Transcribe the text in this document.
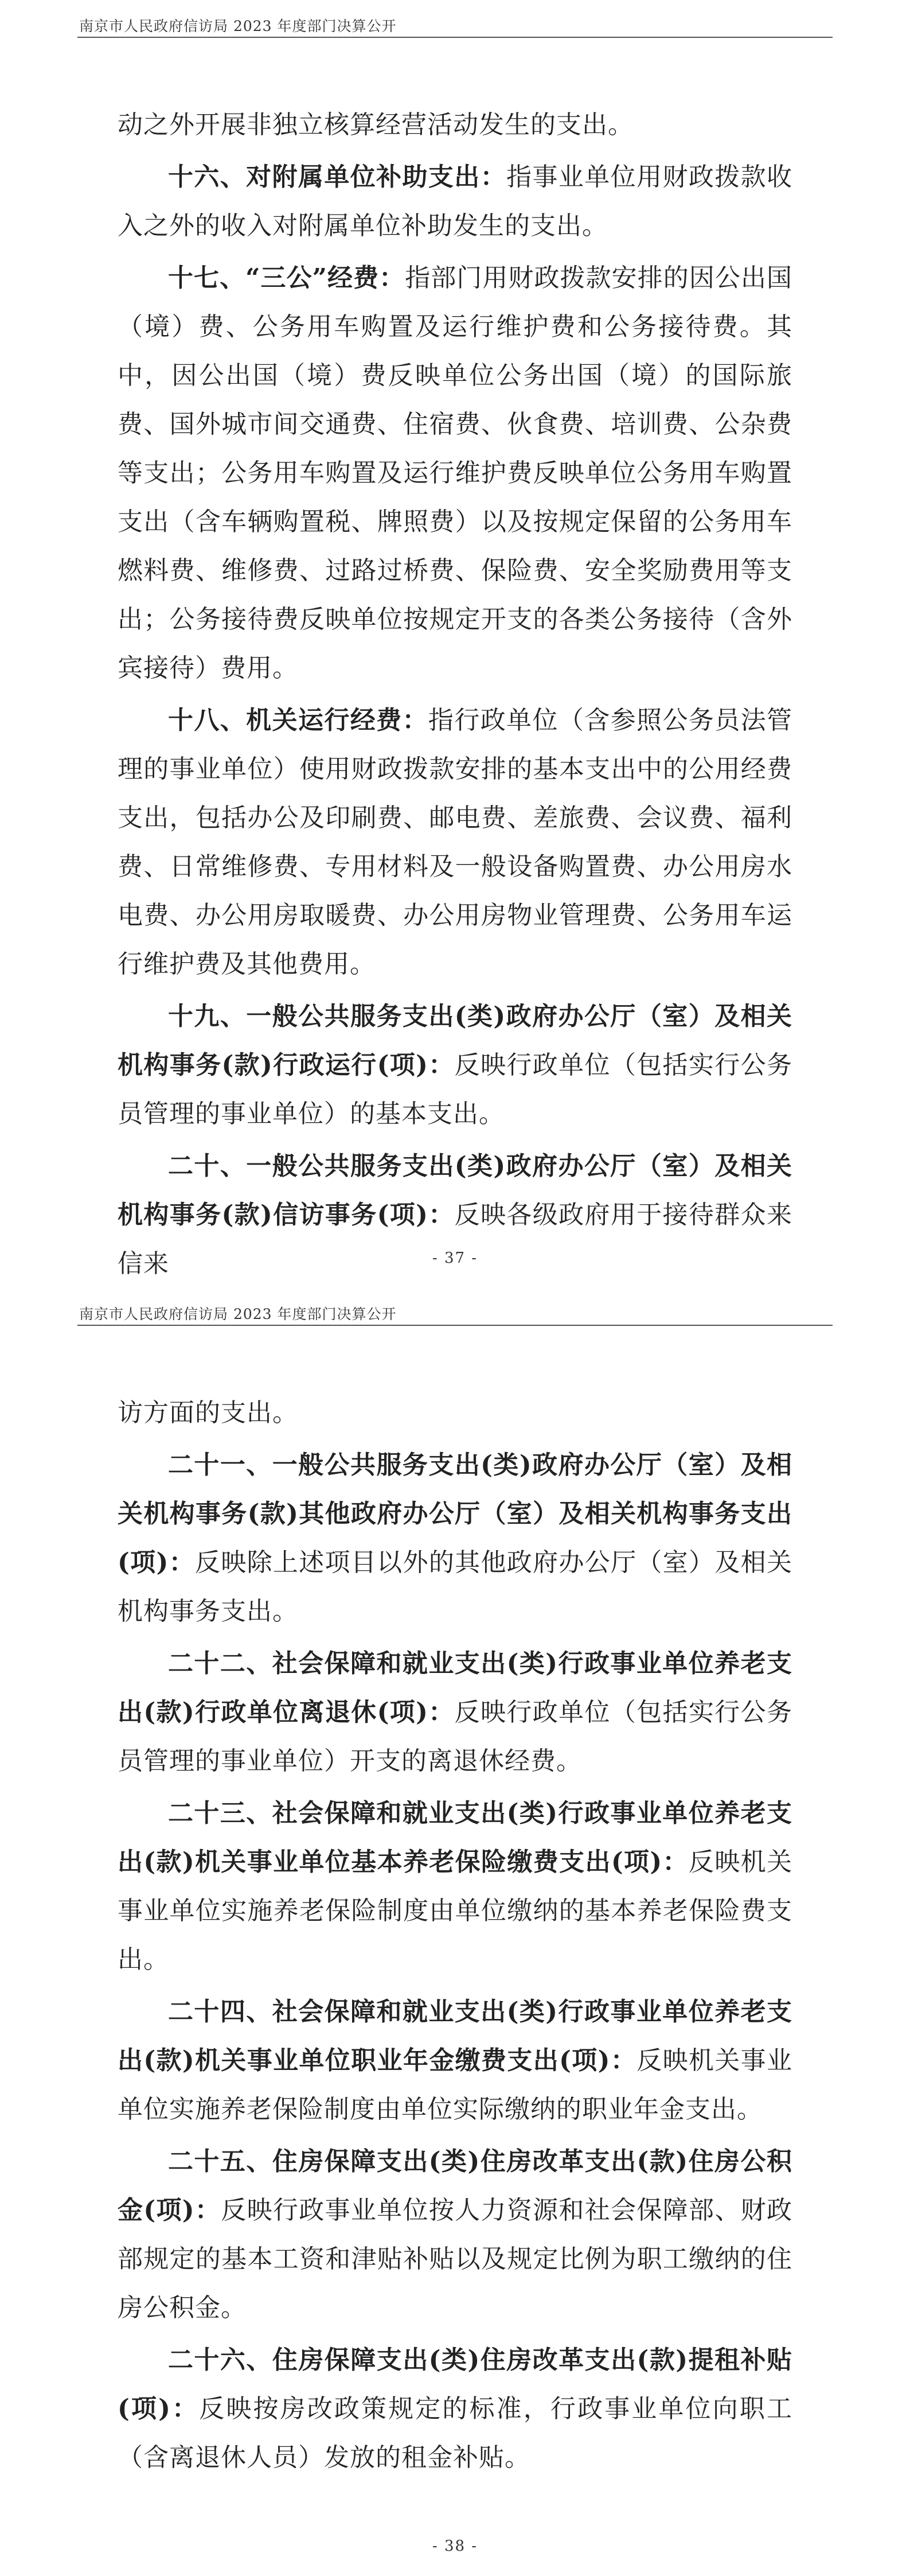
南京市人民政府信访局 2023 年度部门决算公开

动之外开展非独立核算经营活动发生的支出。

十六、对附属单位补助支出：指事业单位用财政拨款收入之外的收入对附属单位补助发生的支出。

十七、“三公”经费：指部门用财政拨款安排的因公出国（境）费、公务用车购置及运行维护费和公务接待费。其中，因公出国（境）费反映单位公务出国（境）的国际旅费、国外城市间交通费、住宿费、伙食费、培训费、公杂费等支出；公务用车购置及运行维护费反映单位公务用车购置支出（含车辆购置税、牌照费）以及按规定保留的公务用车燃料费、维修费、过路过桥费、保险费、安全奖励费用等支出；公务接待费反映单位按规定开支的各类公务接待（含外宾接待）费用。

十八、机关运行经费：指行政单位（含参照公务员法管理的事业单位）使用财政拨款安排的基本支出中的公用经费支出，包括办公及印刷费、邮电费、差旅费、会议费、福利费、日常维修费、专用材料及一般设备购置费、办公用房水电费、办公用房取暖费、办公用房物业管理费、公务用车运行维护费及其他费用。

十九、一般公共服务支出(类)政府办公厅（室）及相关机构事务(款)行政运行(项)：反映行政单位（包括实行公务员管理的事业单位）的基本支出。

二十、一般公共服务支出(类)政府办公厅（室）及相关机构事务(款)信访事务(项)：反映各级政府用于接待群众来信来	- 37 -
南京市人民政府信访局 2023 年度部门决算公开

访方面的支出。

二十一、一般公共服务支出(类)政府办公厅（室）及相关机构事务(款)其他政府办公厅（室）及相关机构事务支出(项)：反映除上述项目以外的其他政府办公厅（室）及相关机构事务支出。

二十二、社会保障和就业支出(类)行政事业单位养老支出(款)行政单位离退休(项)：反映行政单位（包括实行公务员管理的事业单位）开支的离退休经费。

二十三、社会保障和就业支出(类)行政事业单位养老支出(款)机关事业单位基本养老保险缴费支出(项)：反映机关事业单位实施养老保险制度由单位缴纳的基本养老保险费支出。

二十四、社会保障和就业支出(类)行政事业单位养老支出(款)机关事业单位职业年金缴费支出(项)：反映机关事业单位实施养老保险制度由单位实际缴纳的职业年金支出。

二十五、住房保障支出(类)住房改革支出(款)住房公积金(项)：反映行政事业单位按人力资源和社会保障部、财政部规定的基本工资和津贴补贴以及规定比例为职工缴纳的住房公积金。

二十六、住房保障支出(类)住房改革支出(款)提租补贴(项)：反映按房改政策规定的标准，行政事业单位向职工（含离退休人员）发放的租金补贴。

- 38 -
